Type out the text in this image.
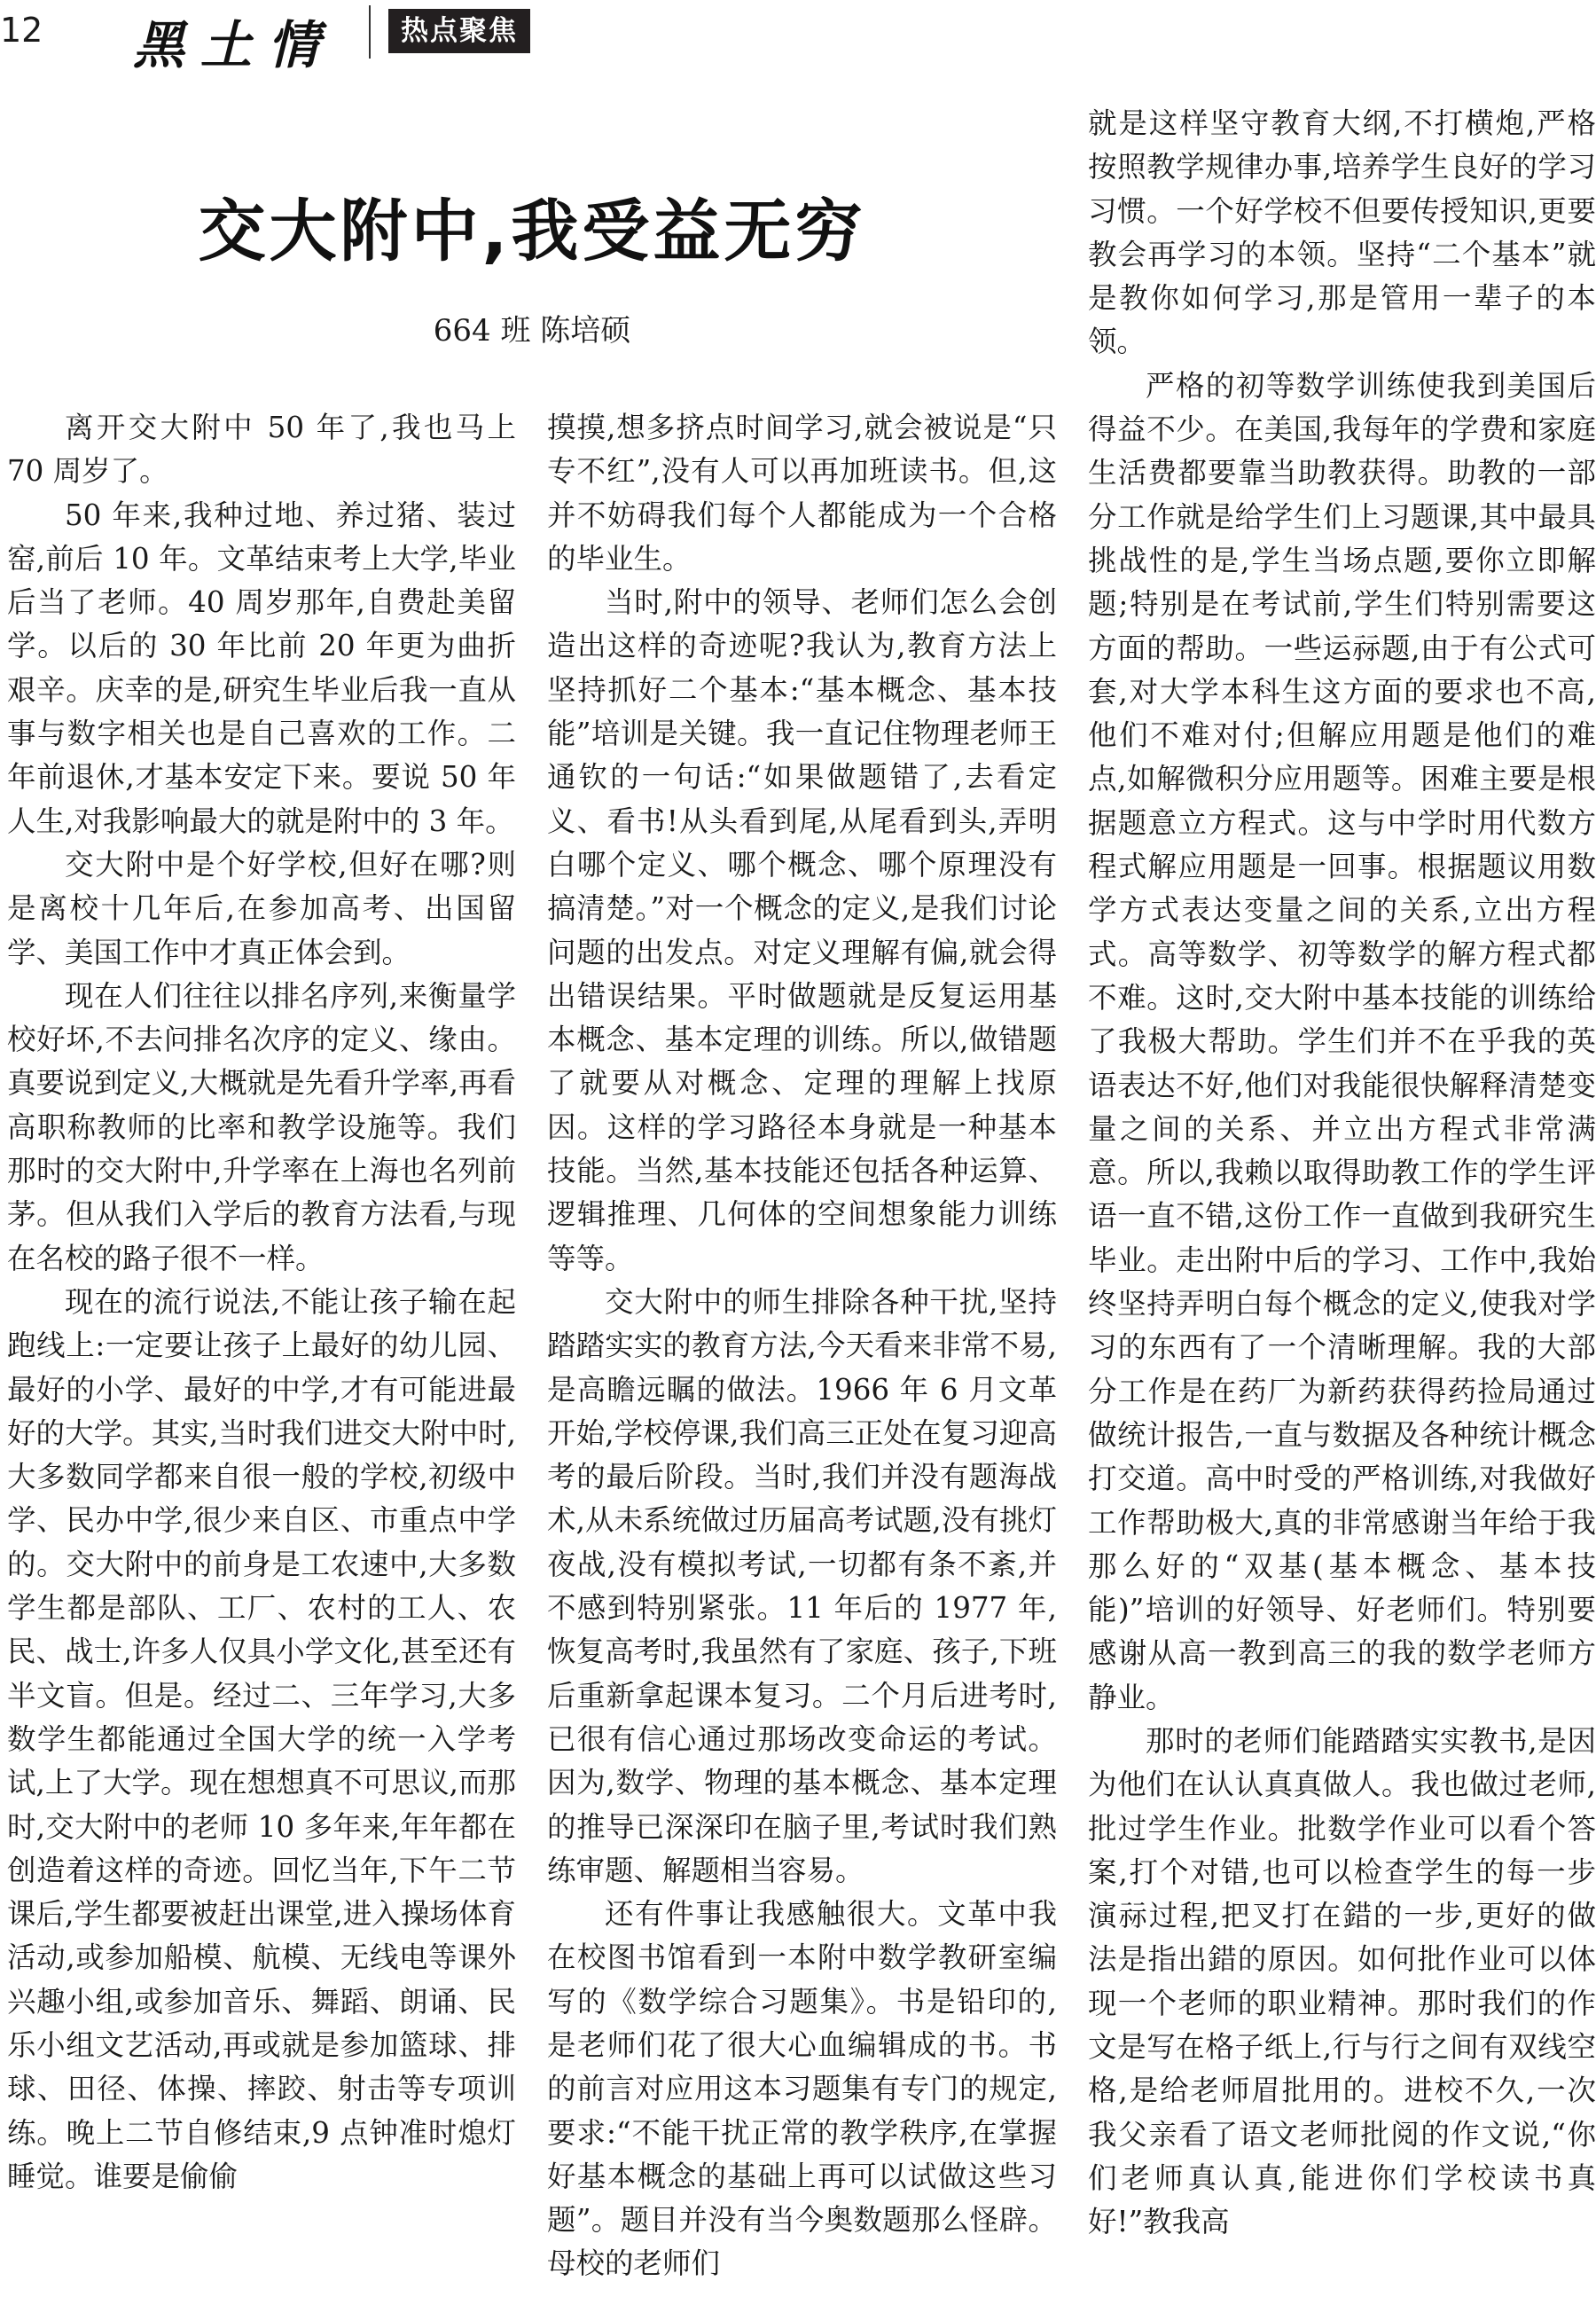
12 黑土情	热点聚焦
交大附中,我受益无穷
664 班 陈培硕

离开交大附中 50 年了,我也马上 70 周岁了。

50 年来,我种过地、养过猪、装过窑,前后 10 年。文革结束考上大学,毕业后当了老师。40 周岁那年,自费赴美留学。以后的 30 年比前 20 年更为曲折艰辛。庆幸的是,研究生毕业后我一直从事与数字相关也是自己喜欢的工作。二年前退休,才基本安定下来。要说 50 年人生,对我影响最大的就是附中的 3 年。

交大附中是个好学校,但好在哪?则是离校十几年后,在参加高考、出国留学、美国工作中才真正体会到。

现在人们往往以排名序列,来衡量学校好坏,不去问排名次序的定义、缘由。真要说到定义,大概就是先看升学率,再看高职称教师的比率和教学设施等。我们那时的交大附中,升学率在上海也名列前茅。但从我们入学后的教育方法看,与现在名校的路子很不一样。

现在的流行说法,不能让孩子输在起跑线上:一定要让孩子上最好的幼儿园、最好的小学、最好的中学,才有可能进最好的大学。其实,当时我们进交大附中时,大多数同学都来自很一般的学校,初级中学、民办中学,很少来自区、市重点中学的。交大附中的前身是工农速中,大多数学生都是部队、工厂、农村的工人、农民、战士,许多人仅具小学文化,甚至还有半文盲。但是。经过二、三年学习,大多数学生都能通过全国大学的统一入学考试,上了大学。现在想想真不可思议,而那时,交大附中的老师 10 多年来,年年都在创造着这样的奇迹。回忆当年,下午二节课后,学生都要被赶出课堂,进入操场体育活动,或参加船模、航模、无线电等课外兴趣小组,或参加音乐、舞蹈、朗诵、民乐小组文艺活动,再或就是参加篮球、排球、田径、体操、摔跤、射击等专项训练。晚上二节自修结束,9 点钟准时熄灯睡觉。谁要是偷偷

摸摸,想多挤点时间学习,就会被说是“只专不红”,没有人可以再加班读书。但,这并不妨碍我们每个人都能成为一个合格的毕业生。

当时,附中的领导、老师们怎么会创造出这样的奇迹呢?我认为,教育方法上坚持抓好二个基本:“基本概念、基本技能”培训是关键。我一直记住物理老师王通钦的一句话:“如果做题错了,去看定义、看书!从头看到尾,从尾看到头,弄明白哪个定义、哪个概念、哪个原理没有搞清楚。”对一个概念的定义,是我们讨论问题的出发点。对定义理解有偏,就会得出错误结果。平时做题就是反复运用基本概念、基本定理的训练。所以,做错题了就要从对概念、定理的理解上找原因。这样的学习路径本身就是一种基本技能。当然,基本技能还包括各种运算、逻辑推理、几何体的空间想象能力训练等等。

交大附中的师生排除各种干扰,坚持踏踏实实的教育方法,今天看来非常不易,是高瞻远瞩的做法。1966 年 6 月文革开始,学校停课,我们高三正处在复习迎高考的最后阶段。当时,我们并没有题海战术,从未系统做过历届高考试题,没有挑灯夜战,没有模拟考试,一切都有条不紊,并不感到特别紧张。11 年后的 1977 年,恢复高考时,我虽然有了家庭、孩子,下班后重新拿起课本复习。二个月后进考时,已很有信心通过那场改变命运的考试。因为,数学、物理的基本概念、基本定理的推导已深深印在脑子里,考试时我们熟练审题、解题相当容易。

还有件事让我感触很大。文革中我在校图书馆看到一本附中数学教研室编写的《数学综合习题集》。书是铅印的,是老师们花了很大心血编辑成的书。书的前言对应用这本习题集有专门的规定,要求:“不能干扰正常的教学秩序,在掌握好基本概念的基础上再可以试做这些习题”。题目并没有当今奥数题那么怪辟。母校的老师们

就是这样坚守教育大纲,不打横炮,严格按照教学规律办事,培养学生良好的学习习惯。一个好学校不但要传授知识,更要教会再学习的本领。坚持“二个基本”就是教你如何学习,那是管用一辈子的本领。

严格的初等数学训练使我到美国后得益不少。在美国,我每年的学费和家庭生活费都要靠当助教获得。助教的一部分工作就是给学生们上习题课,其中最具挑战性的是,学生当场点题,要你立即解题;特别是在考试前,学生们特别需要这方面的帮助。一些运祘题,由于有公式可套,对大学本科生这方面的要求也不高,他们不难对付;但解应用题是他们的难点,如解微积分应用题等。困难主要是根据题意立方程式。这与中学时用代数方程式解应用题是一回事。根据题议用数学方式表达变量之间的关系,立出方程式。高等数学、初等数学的解方程式都不难。这时,交大附中基本技能的训练给了我极大帮助。学生们并不在乎我的英语表达不好,他们对我能很快解释清楚变量之间的关系、并立出方程式非常满意。所以,我赖以取得助教工作的学生评语一直不错,这份工作一直做到我研究生毕业。走出附中后的学习、工作中,我始终坚持弄明白每个概念的定义,使我对学习的东西有了一个清晰理解。我的大部分工作是在药厂为新药获得药捡局通过做统计报告,一直与数据及各种统计概念打交道。高中时受的严格训练,对我做好工作帮助极大,真的非常感谢当年给于我那么好的“双基(基本概念、基本技能)”培训的好领导、好老师们。特别要感谢从高一教到高三的我的数学老师方静业。

那时的老师们能踏踏实实教书,是因为他们在认认真真做人。我也做过老师,批过学生作业。批数学作业可以看个答案,打个对错,也可以检查学生的每一步演祘过程,把叉打在錯的一步,更好的做法是指出錯的原因。如何批作业可以体现一个老师的职业精神。那时我们的作文是写在格子纸上,行与行之间有双线空格,是给老师眉批用的。进校不久,一次我父亲看了语文老师批阅的作文说,“你们老师真认真,能进你们学校读书真好!”教我高
